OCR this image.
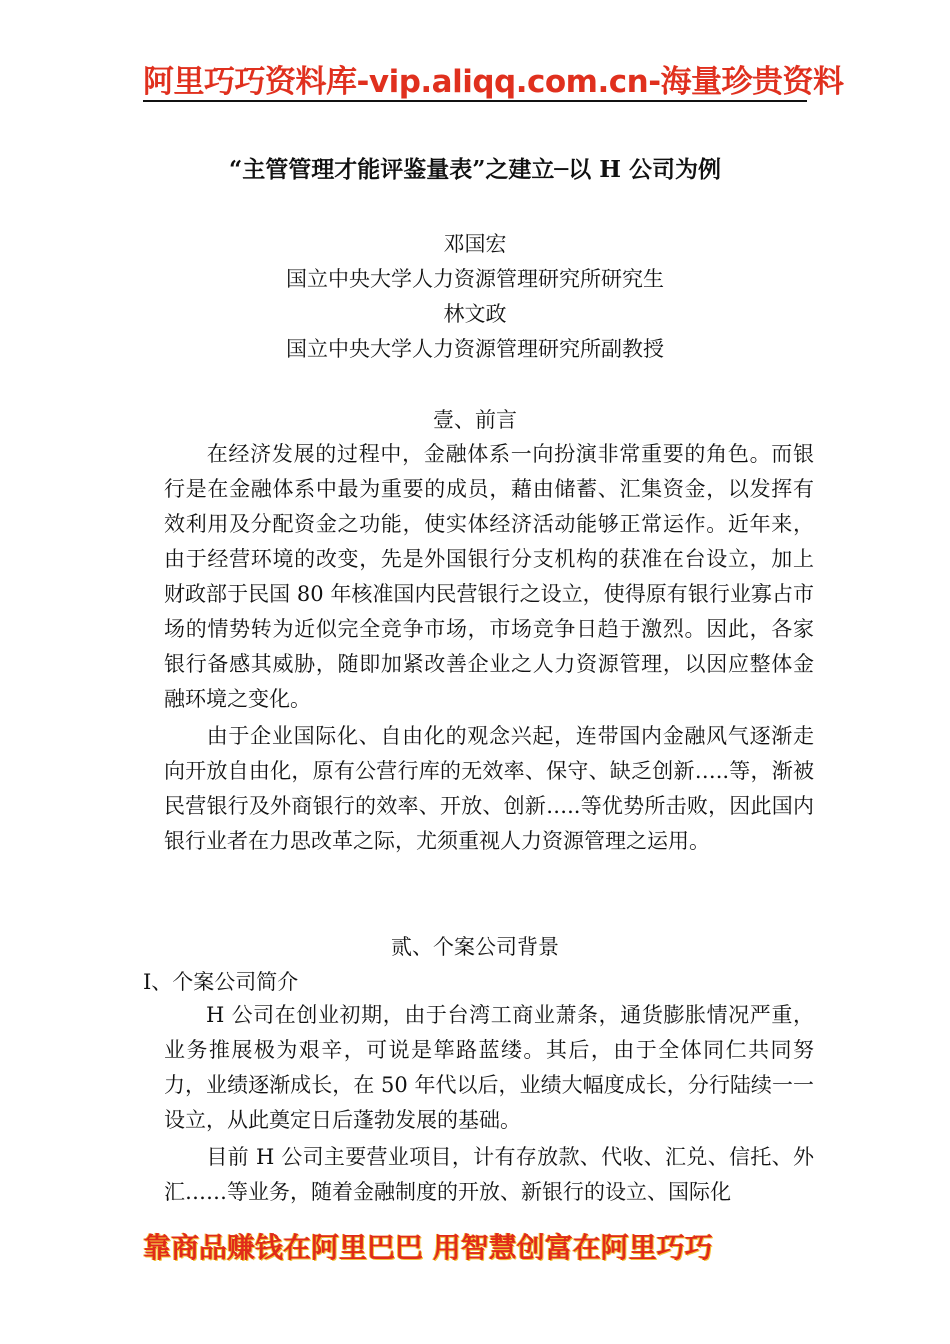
阿里巧巧资料库-vip.aliqq.com.cn-海量珍贵资料
“主管管理才能评鉴量表”之建立─以 H 公司为例
邓国宏
国立中央大学人力资源管理研究所研究生
林文政
国立中央大学人力资源管理研究所副教授
壹、前言
在经济发展的过程中，金融体系一向扮演非常重要的角色。而银行是在金融体系中最为重要的成员，藉由储蓄、汇集资金，以发挥有效利用及分配资金之功能，使实体经济活动能够正常运作。近年来，由于经营环境的改变，先是外国银行分支机构的获准在台设立，加上财政部于民国 80 年核准国内民营银行之设立，使得原有银行业寡占市场的情势转为近似完全竞争市场，市场竞争日趋于激烈。因此，各家银行备感其威胁，随即加紧改善企业之人力资源管理，以因应整体金融环境之变化。
由于企业国际化、自由化的观念兴起，连带国内金融风气逐渐走向开放自由化，原有公营行库的无效率、保守、缺乏创新…..等，渐被民营银行及外商银行的效率、开放、创新…..等优势所击败，因此国内银行业者在力思改革之际，尤须重视人力资源管理之运用。
贰、个案公司背景
Ⅰ、个案公司简介
H 公司在创业初期，由于台湾工商业萧条，通货膨胀情况严重，业务推展极为艰辛，可说是筚路蓝缕。其后，由于全体同仁共同努力，业绩逐渐成长，在 50 年代以后，业绩大幅度成长，分行陆续一一设立，从此奠定日后蓬勃发展的基础。
目前 H 公司主要营业项目，计有存放款、代收、汇兑、信托、外汇……等业务，随着金融制度的开放、新银行的设立、国际化
靠商品赚钱在阿里巴巴 用智慧创富在阿里巧巧
